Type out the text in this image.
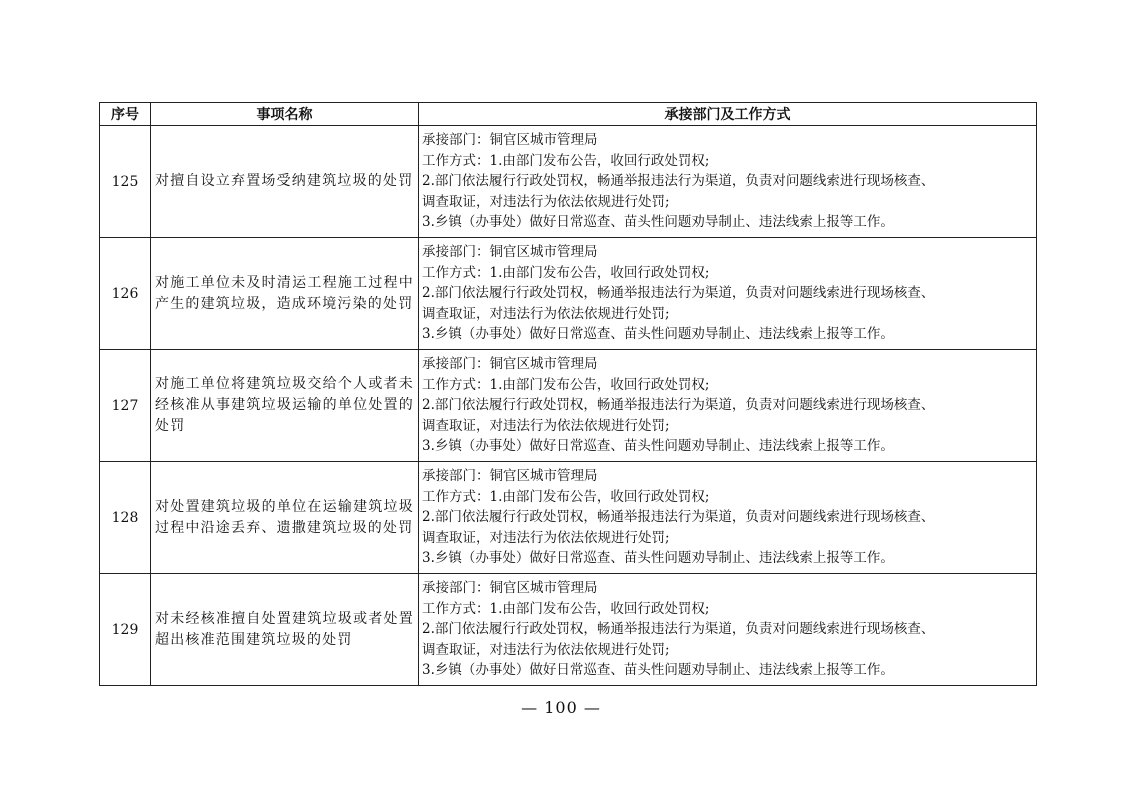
序号	事项名称	承接部门及工作方式
125	对擅自设立弃置场受纳建筑垃圾的处罚	承接部门：铜官区城市管理局
工作方式：1.由部门发布公告，收回行政处罚权;
2.部门依法履行行政处罚权，畅通举报违法行为渠道，负责对问题线索进行现场核查、
调查取证，对违法行为依法依规进行处罚;
3.乡镇（办事处）做好日常巡查、苗头性问题劝导制止、违法线索上报等工作。

126	对施工单位未及时清运工程施工过程中产生的建筑垃圾，造成环境污染的处罚	承接部门：铜官区城市管理局
工作方式：1.由部门发布公告，收回行政处罚权;
2.部门依法履行行政处罚权，畅通举报违法行为渠道，负责对问题线索进行现场核查、
调查取证，对违法行为依法依规进行处罚;
3.乡镇（办事处）做好日常巡查、苗头性问题劝导制止、违法线索上报等工作。

127	对施工单位将建筑垃圾交给个人或者未经核准从事建筑垃圾运输的单位处置的处罚	承接部门：铜官区城市管理局
工作方式：1.由部门发布公告，收回行政处罚权;
2.部门依法履行行政处罚权，畅通举报违法行为渠道，负责对问题线索进行现场核查、
调查取证，对违法行为依法依规进行处罚;
3.乡镇（办事处）做好日常巡查、苗头性问题劝导制止、违法线索上报等工作。

128	对处置建筑垃圾的单位在运输建筑垃圾过程中沿途丢弃、遗撒建筑垃圾的处罚	承接部门：铜官区城市管理局
工作方式：1.由部门发布公告，收回行政处罚权;
2.部门依法履行行政处罚权，畅通举报违法行为渠道，负责对问题线索进行现场核查、
调查取证，对违法行为依法依规进行处罚;
3.乡镇（办事处）做好日常巡查、苗头性问题劝导制止、违法线索上报等工作。

129	对未经核准擅自处置建筑垃圾或者处置超出核准范围建筑垃圾的处罚	承接部门：铜官区城市管理局
工作方式：1.由部门发布公告，收回行政处罚权;
2.部门依法履行行政处罚权，畅通举报违法行为渠道，负责对问题线索进行现场核查、
调查取证，对违法行为依法依规进行处罚;
3.乡镇（办事处）做好日常巡查、苗头性问题劝导制止、违法线索上报等工作。
— 100 —
